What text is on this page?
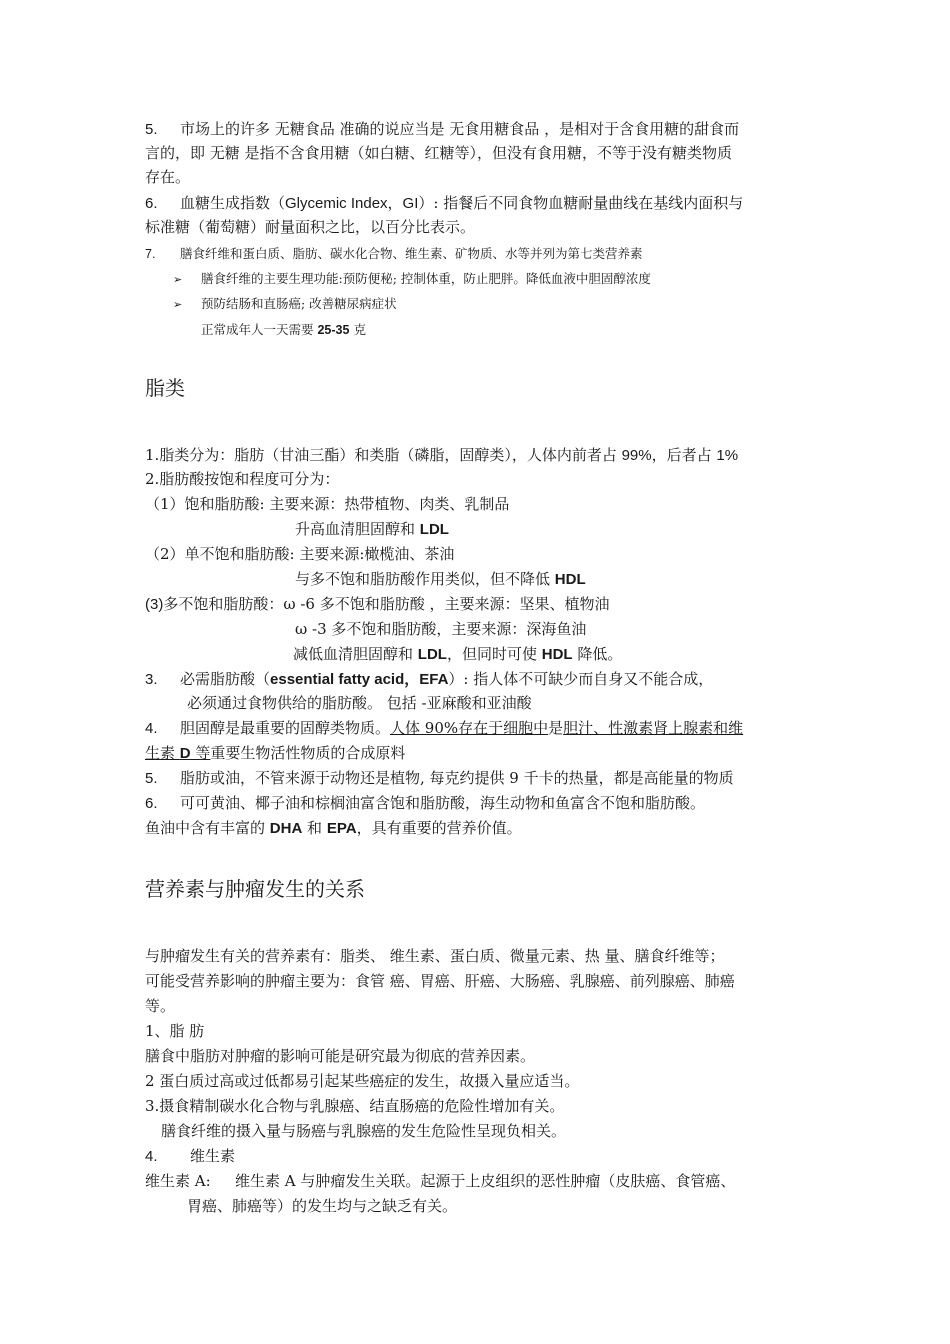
5. 市场上的许多 无糖食品 准确的说应当是 无食用糖食品 ，是相对于含食用糖的甜食而
言的，即 无糖 是指不含食用糖（如白糖、红糖等），但没有食用糖，不等于没有糖类物质
存在。
6. 血糖生成指数（Glycemic Index，GI）: 指餐后不同食物血糖耐量曲线在基线内面积与
标准糖（葡萄糖）耐量面积之比，以百分比表示。
7. 膳食纤维和蛋白质、脂肪、碳水化合物、维生素、矿物质、水等并列为第七类营养素
➢ 膳食纤维的主要生理功能:预防便秘; 控制体重，防止肥胖。降低血液中胆固醇浓度
➢ 预防结肠和直肠癌; 改善糖尿病症状
正常成年人一天需要 25-35 克
脂类
1.脂类分为：脂肪（甘油三酯）和类脂（磷脂，固醇类），人体内前者占 99%，后者占 1%
2.脂肪酸按饱和程度可分为：
（1）饱和脂肪酸: 主要来源：热带植物、肉类、乳制品
升高血清胆固醇和 LDL
（2）单不饱和脂肪酸: 主要来源:橄榄油、茶油
与多不饱和脂肪酸作用类似，但不降低 HDL
(3)多不饱和脂肪酸：ω -6 多不饱和脂肪酸 ，主要来源：坚果、植物油
ω -3 多不饱和脂肪酸，主要来源：深海鱼油
减低血清胆固醇和 LDL，但同时可使 HDL 降低。
3. 必需脂肪酸（essential fatty acid，EFA）: 指人体不可缺少而自身又不能合成，
必须通过食物供给的脂肪酸。 包括 -亚麻酸和亚油酸
4. 胆固醇是最重要的固醇类物质。人体 90%存在于细胞中是胆汁、性激素肾上腺素和维
生素 D 等重要生物活性物质的合成原料
5. 脂肪或油，不管来源于动物还是植物, 每克约提供 9 千卡的热量，都是高能量的物质
6. 可可黄油、椰子油和棕榈油富含饱和脂肪酸，海生动物和鱼富含不饱和脂肪酸。
鱼油中含有丰富的 DHA 和 EPA，具有重要的营养价值。
营养素与肿瘤发生的关系
与肿瘤发生有关的营养素有：脂类、 维生素、蛋白质、微量元素、热 量、膳食纤维等；
可能受营养影响的肿瘤主要为：食管 癌、胃癌、肝癌、大肠癌、乳腺癌、前列腺癌、肺癌
等。
1、脂 肪
膳食中脂肪对肿瘤的影响可能是研究最为彻底的营养因素。
2 蛋白质过高或过低都易引起某些癌症的发生，故摄入量应适当。
3.摄食精制碳水化合物与乳腺癌、结直肠癌的危险性增加有关。
膳食纤维的摄入量与肠癌与乳腺癌的发生危险性呈现负相关。
4. 维生素
维生素 A: 维生素 A 与肿瘤发生关联。起源于上皮组织的恶性肿瘤（皮肤癌、食管癌、
胃癌、肺癌等）的发生均与之缺乏有关。
